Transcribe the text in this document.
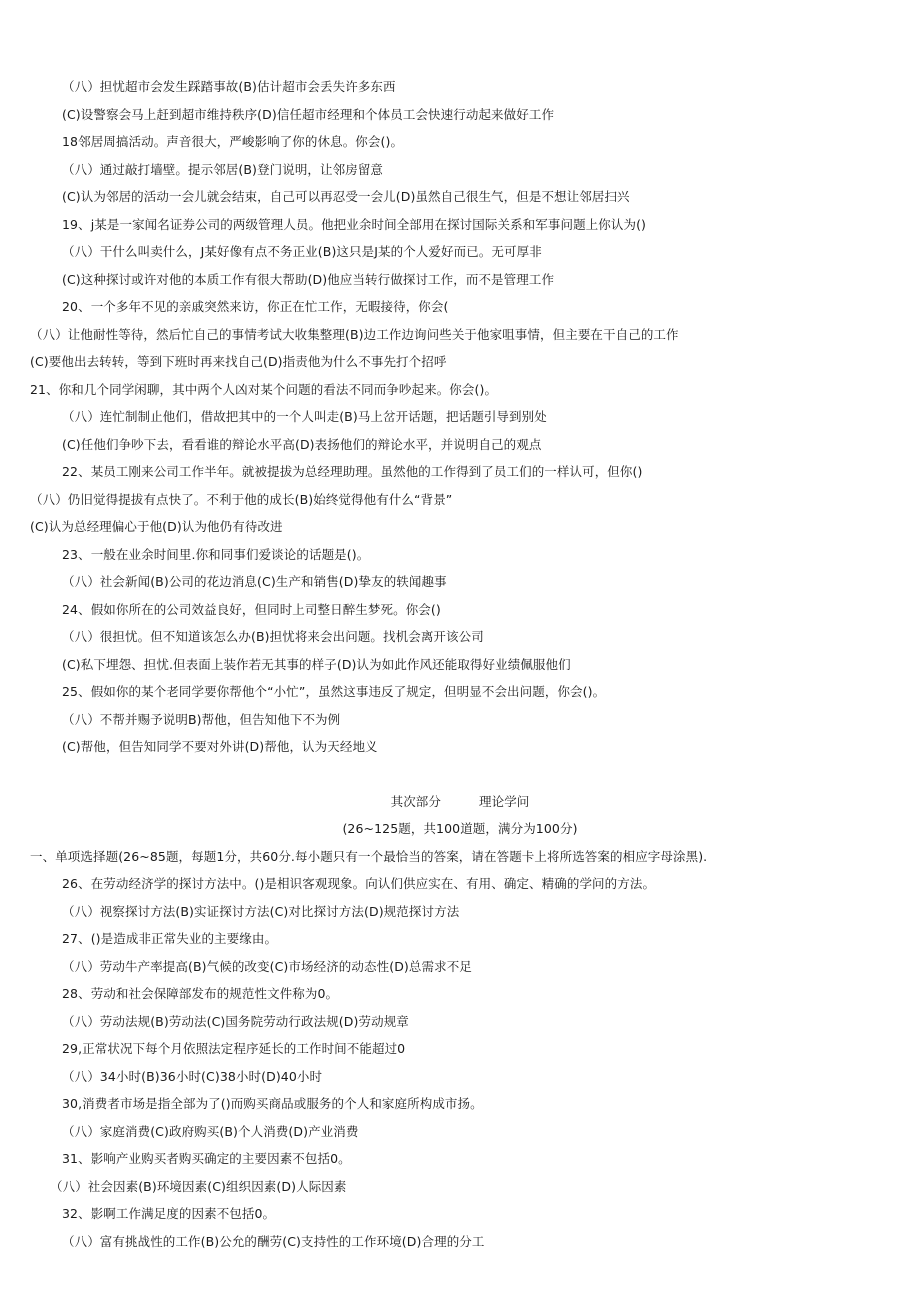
（八）担忧超市会发生踩踏事故(B)估计超市会丢失许多东西
(C)设警察会马上赶到超市维持秩序(D)信任超市经理和个体员工会快速行动起来做好工作
18邻居周搞活动。声音很大，严峻影响了你的休息。你会()。
（八）通过敲打墙壁。提示邻居(B)登门说明，让邻房留意
(C)认为邻居的活动一会儿就会结束，自己可以再忍受一会儿(D)虽然自己很生气，但是不想让邻居扫兴
19、j某是一家闻名证券公司的两级管理人员。他把业余时间全部用在探讨国际关系和军事问题上你认为()
（八）干什么叫卖什么，J某好像有点不务正业(B)这只是J某的个人爱好而已。无可厚非
(C)这种探讨或许对他的本质工作有很大帮助(D)他应当转行做探讨工作，而不是管理工作
20、一个多年不见的亲戚突然来访，你正在忙工作，无暇接待，你会(
（八）让他耐性等待，然后忙自己的事情考试大收集整理(B)边工作边询问些关于他家咀事情，但主要在干自己的工作
(C)要他出去转转，等到下班时再来找自己(D)指责他为什么不事先打个招呼
21、你和几个同学闲聊，其中两个人凶对某个问题的看法不同而争吵起来。你会()。
（八）连忙制制止他们，借故把其中的一个人叫走(B)马上岔开话题，把话题引导到别处
(C)任他们争吵下去，看看谁的辩论水平高(D)表扬他们的辩论水平，并说明自己的观点
22、某员工刚来公司工作半年。就被提拔为总经理助理。虽然他的工作得到了员工们的一样认可，但你()
（八）仍旧觉得提拔有点快了。不利于他的成长(B)始终觉得他有什么“背景”
(C)认为总经理偏心于他(D)认为他仍有待改进
23、一般在业余时间里.你和同事们爱谈论的话题是()。
（八）社会新闻(B)公司的花边消息(C)生产和销售(D)挚友的轶闻趣事
24、假如你所在的公司效益良好，但同时上司整日醉生梦死。你会()
（八）很担忧。但不知道该怎么办(B)担忧将来会出问题。找机会离开该公司
(C)私下埋怨、担忧.但表面上装作若无其事的样子(D)认为如此作风还能取得好业绩佩服他们
25、假如你的某个老同学要你帮他个“小忙”，虽然这事违反了规定，但明显不会出问题，你会()。
（八）不帮并赐予说明B)帮他，但告知他下不为例
(C)帮他，但告知同学不要对外讲(D)帮他，认为天经地义
其次部分	理论学问
(26~125题，共100道题，满分为100分)
一、单项选择题(26~85题，每题1分，共60分.每小题只有一个最恰当的答案，请在答题卡上将所选答案的相应字母涂黑).
26、在劳动经济学的探讨方法中。()是相识客观现象。向认们供应实在、有用、确定、精确的学问的方法。
（八）视察探讨方法(B)实证探讨方法(C)对比探讨方法(D)规范探讨方法
27、()是造成非正常失业的主要缘由。
（八）劳动牛产率提高(B)气候的改变(C)市场经济的动态性(D)总需求不足
28、劳动和社会保障部发布的规范性文件称为0。
（八）劳动法规(B)劳动法(C)国务院劳动行政法规(D)劳动规章
29,正常状况下每个月依照法定程序延长的工作时间不能超过0
（八）34小时(B)36小时(C)38小时(D)40小时
30,消费者市场是指全部为了()而购买商品或服务的个人和家庭所构成市扬。
（八）家庭消费(C)政府购买(B)个人消费(D)产业消费
31、影响产业购买者购买确定的主要因素不包括0。
（八）社会因素(B)环境因素(C)组织因素(D)人际因素
32、影啊工作满足度的因素不包括0。
（八）富有挑战性的工作(B)公允的酬劳(C)支持性的工作环境(D)合理的分工
